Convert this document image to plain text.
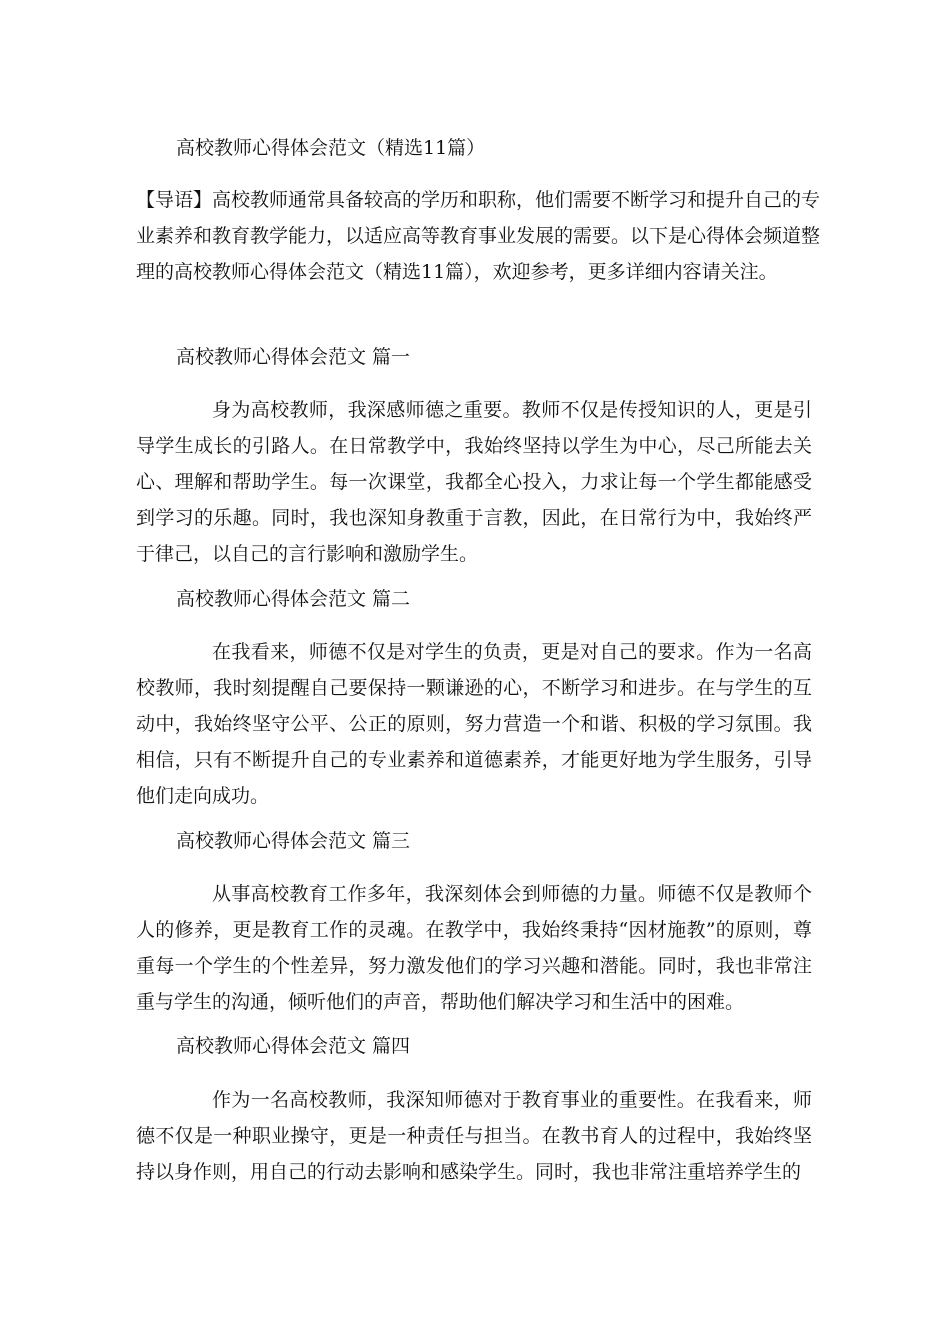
高校教师心得体会范文（精选11篇）
【导语】高校教师通常具备较高的学历和职称，他们需要不断学习和提升自己的专业素养和教育教学能力，以适应高等教育事业发展的需要。以下是心得体会频道整理的高校教师心得体会范文（精选11篇），欢迎参考，更多详细内容请关注。
高校教师心得体会范文 篇一
身为高校教师，我深感师德之重要。教师不仅是传授知识的人，更是引导学生成长的引路人。在日常教学中，我始终坚持以学生为中心，尽己所能去关心、理解和帮助学生。每一次课堂，我都全心投入，力求让每一个学生都能感受到学习的乐趣。同时，我也深知身教重于言教，因此，在日常行为中，我始终严于律己，以自己的言行影响和激励学生。
高校教师心得体会范文 篇二
在我看来，师德不仅是对学生的负责，更是对自己的要求。作为一名高校教师，我时刻提醒自己要保持一颗谦逊的心，不断学习和进步。在与学生的互动中，我始终坚守公平、公正的原则，努力营造一个和谐、积极的学习氛围。我相信，只有不断提升自己的专业素养和道德素养，才能更好地为学生服务，引导他们走向成功。
高校教师心得体会范文 篇三
从事高校教育工作多年，我深刻体会到师德的力量。师德不仅是教师个人的修养，更是教育工作的灵魂。在教学中，我始终秉持“因材施教”的原则，尊重每一个学生的个性差异，努力激发他们的学习兴趣和潜能。同时，我也非常注重与学生的沟通，倾听他们的声音，帮助他们解决学习和生活中的困难。
高校教师心得体会范文 篇四
作为一名高校教师，我深知师德对于教育事业的重要性。在我看来，师德不仅是一种职业操守，更是一种责任与担当。在教书育人的过程中，我始终坚持以身作则，用自己的行动去影响和感染学生。同时，我也非常注重培养学生的
